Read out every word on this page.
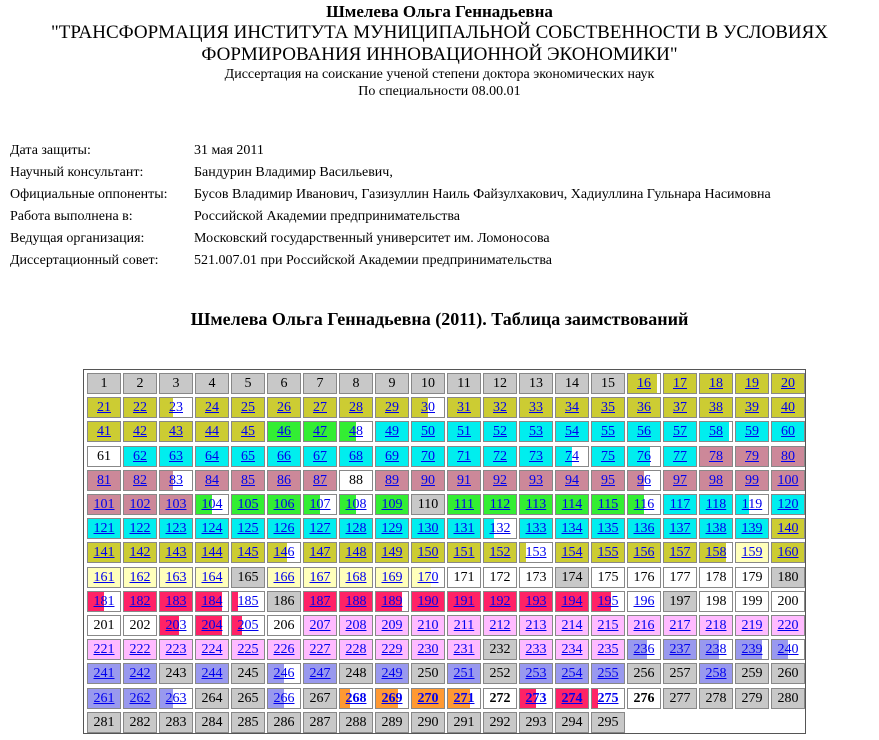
Шмелева Ольга Геннадьевна
"ТРАНСФОРМАЦИЯ ИНСТИТУТА МУНИЦИПАЛЬНОЙ СОБСТВЕННОСТИ В УСЛОВИЯХ ФОРМИРОВАНИЯ ИННОВАЦИОННОЙ ЭКОНОМИКИ"
Диссертация на соискание ученой степени доктора экономических наук
По специальности 08.00.01
Дата защиты:	31 мая 2011
Научный консультант:	Бандурин Владимир Васильевич,
Официальные оппоненты: Бусов Владимир Иванович, Газизуллин Наиль Файзулхакович, Хадиуллина Гульнара Насимовна
Работа выполнена в:	Российской Академии предпринимательства
Ведущая организация:	Московский государственный университет им. Ломоносова
Диссертационный совет:	521.007.01 при Российской Академии предпринимательства
Шмелева Ольга Геннадьевна (2011). Таблица заимствований
1	2	3	4	5	6	7	8	9	10	11	12	13	14	15	16	17	18	19	20
21	22	23	24	25	26	27	28	29	30	31	32	33	34	35	36	37	38	39	40
41	42	43	44	45	46	47	48	49	50	51	52	53	54	55	56	57	58	59	60
61	62	63	64	65	66	67	68	69	70	71	72	73	74	75	76	77	78	79	80
81	82	83	84	85	86	87	88	89	90	91	92	93	94	95	96	97	98	99	100
101	102	103	104	105	106	107	108	109	110	111	112	113	114	115	116	117	118	119	120
121	122	123	124	125	126	127	128	129	130	131	132	133	134	135	136	137	138	139	140
141	142	143	144	145	146	147	148	149	150	151	152	153	154	155	156	157	158	159	160
161	162	163	164	165	166	167	168	169	170	171	172	173	174	175	176	177	178	179	180
181	182	183	184	185	186	187	188	189	190	191	192	193	194	195	196	197	198	199	200
201	202	203	204	205	206	207	208	209	210	211	212	213	214	215	216	217	218	219	220
221	222	223	224	225	226	227	228	229	230	231	232	233	234	235	236	237	238	239	240
241	242	243	244	245	246	247	248	249	250	251	252	253	254	255	256	257	258	259	260
261	262	263	264	265	266	267	268	269	270	271	272	273	274	275	276	277	278	279	280
281	282	283	284	285	286	287	288	289	290	291	292	293	294	295
